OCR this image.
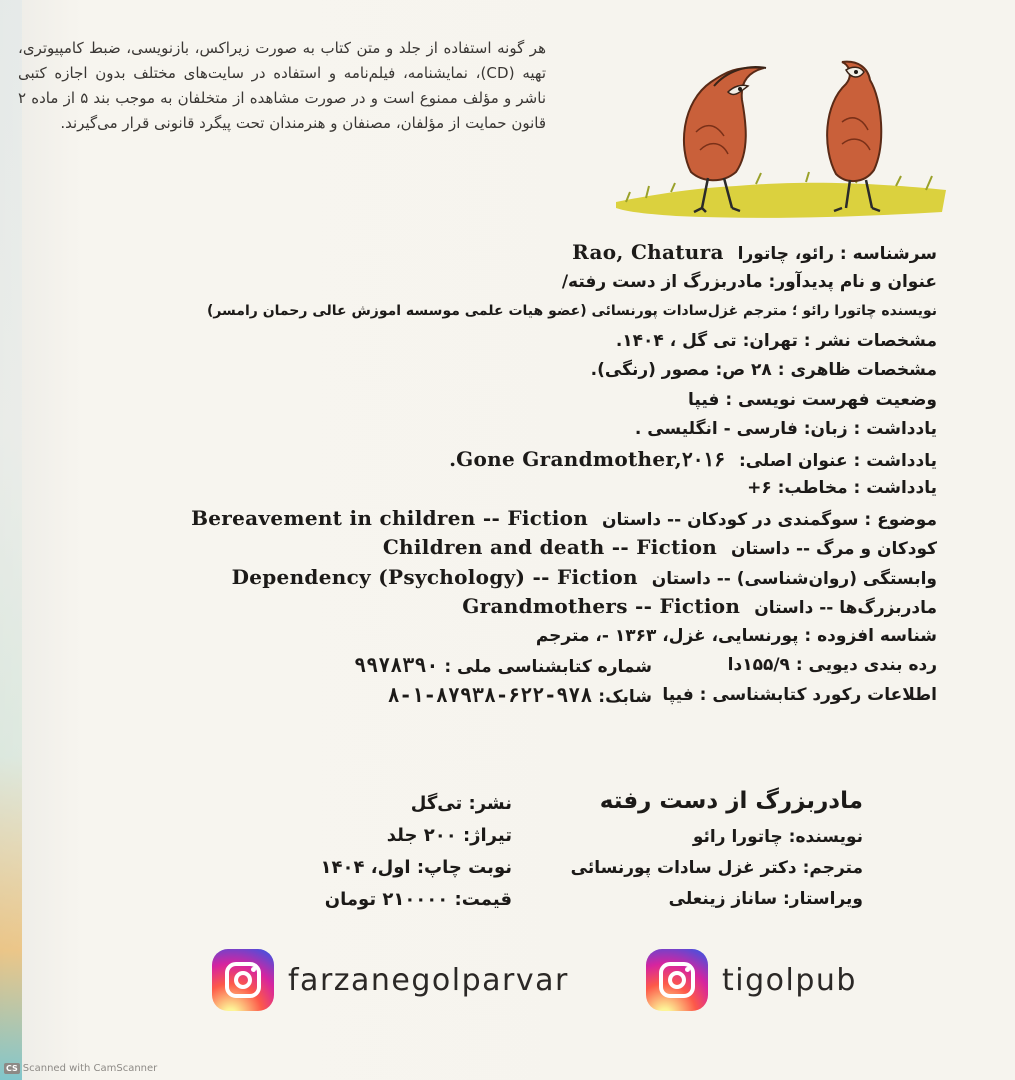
هر گونه استفاده از جلد و متن کتاب به صورت زیراکس، بازنویسی، ضبط کامپیوتری، تهیه (CD)، نمایشنامه، فیلم‌نامه و استفاده در سایت‌های مختلف بدون اجازه کتبی ناشر و مؤلف ممنوع است و در صورت مشاهده از متخلفان به موجب بند ۵ از ماده ۲ قانون حمایت از مؤلفان، مصنفان و هنرمندان تحت پیگرد قانونی قرار می‌گیرند.
سرشناسه : رائو، چاتورا Rao, Chatura
عنوان و نام پدیدآور: مادربزرگ از دست رفته/
نویسنده چاتورا رائو ؛ مترجم غزل‌سادات پورنسائی (عضو هیات علمی موسسه اموزش عالی رحمان رامسر)
مشخصات نشر : تهران: تی گل ، ۱۴۰۴.
مشخصات ظاهری : ۲۸ ص: مصور (رنگی).
وضعیت فهرست نویسی : فیپا
یادداشت : زبان: فارسی - انگلیسی .
یادداشت : عنوان اصلی: Gone Grandmother,۲۰۱۶.
یادداشت : مخاطب: ۶+
موضوع : سوگمندی در کودکان -- داستان Bereavement in children -- Fiction
کودکان و مرگ -- داستان Children and death -- Fiction
وابستگی (روان‌شناسی) -- داستان Dependency (Psychology) -- Fiction
مادربزرگ‌ها -- داستان Grandmothers -- Fiction
شناسه افزوده : پورنسایی، غزل، ۱۳۶۳ -، مترجم
رده بندی دیویی : ۱۵۵/۹دا
شماره کتابشناسی ملی : ۹۹۷۸۳۹۰
اطلاعات رکورد کتابشناسی : فیپا
شابک: ۹۷۸-۶۲۲-۸۷۹۳۸-۱-۸
مادربزرگ از دست رفته
نویسنده: چاتورا رائو
مترجم: دکتر غزل سادات پورنسائی
ویراستار: ساناز زینعلی
نشر: تی‌گل
تیراژ: ۲۰۰ جلد
نوبت چاپ: اول، ۱۴۰۴
قیمت: ۲۱۰۰۰۰ تومان
farzanegolparvar	tigolpub
CS Scanned with CamScanner
